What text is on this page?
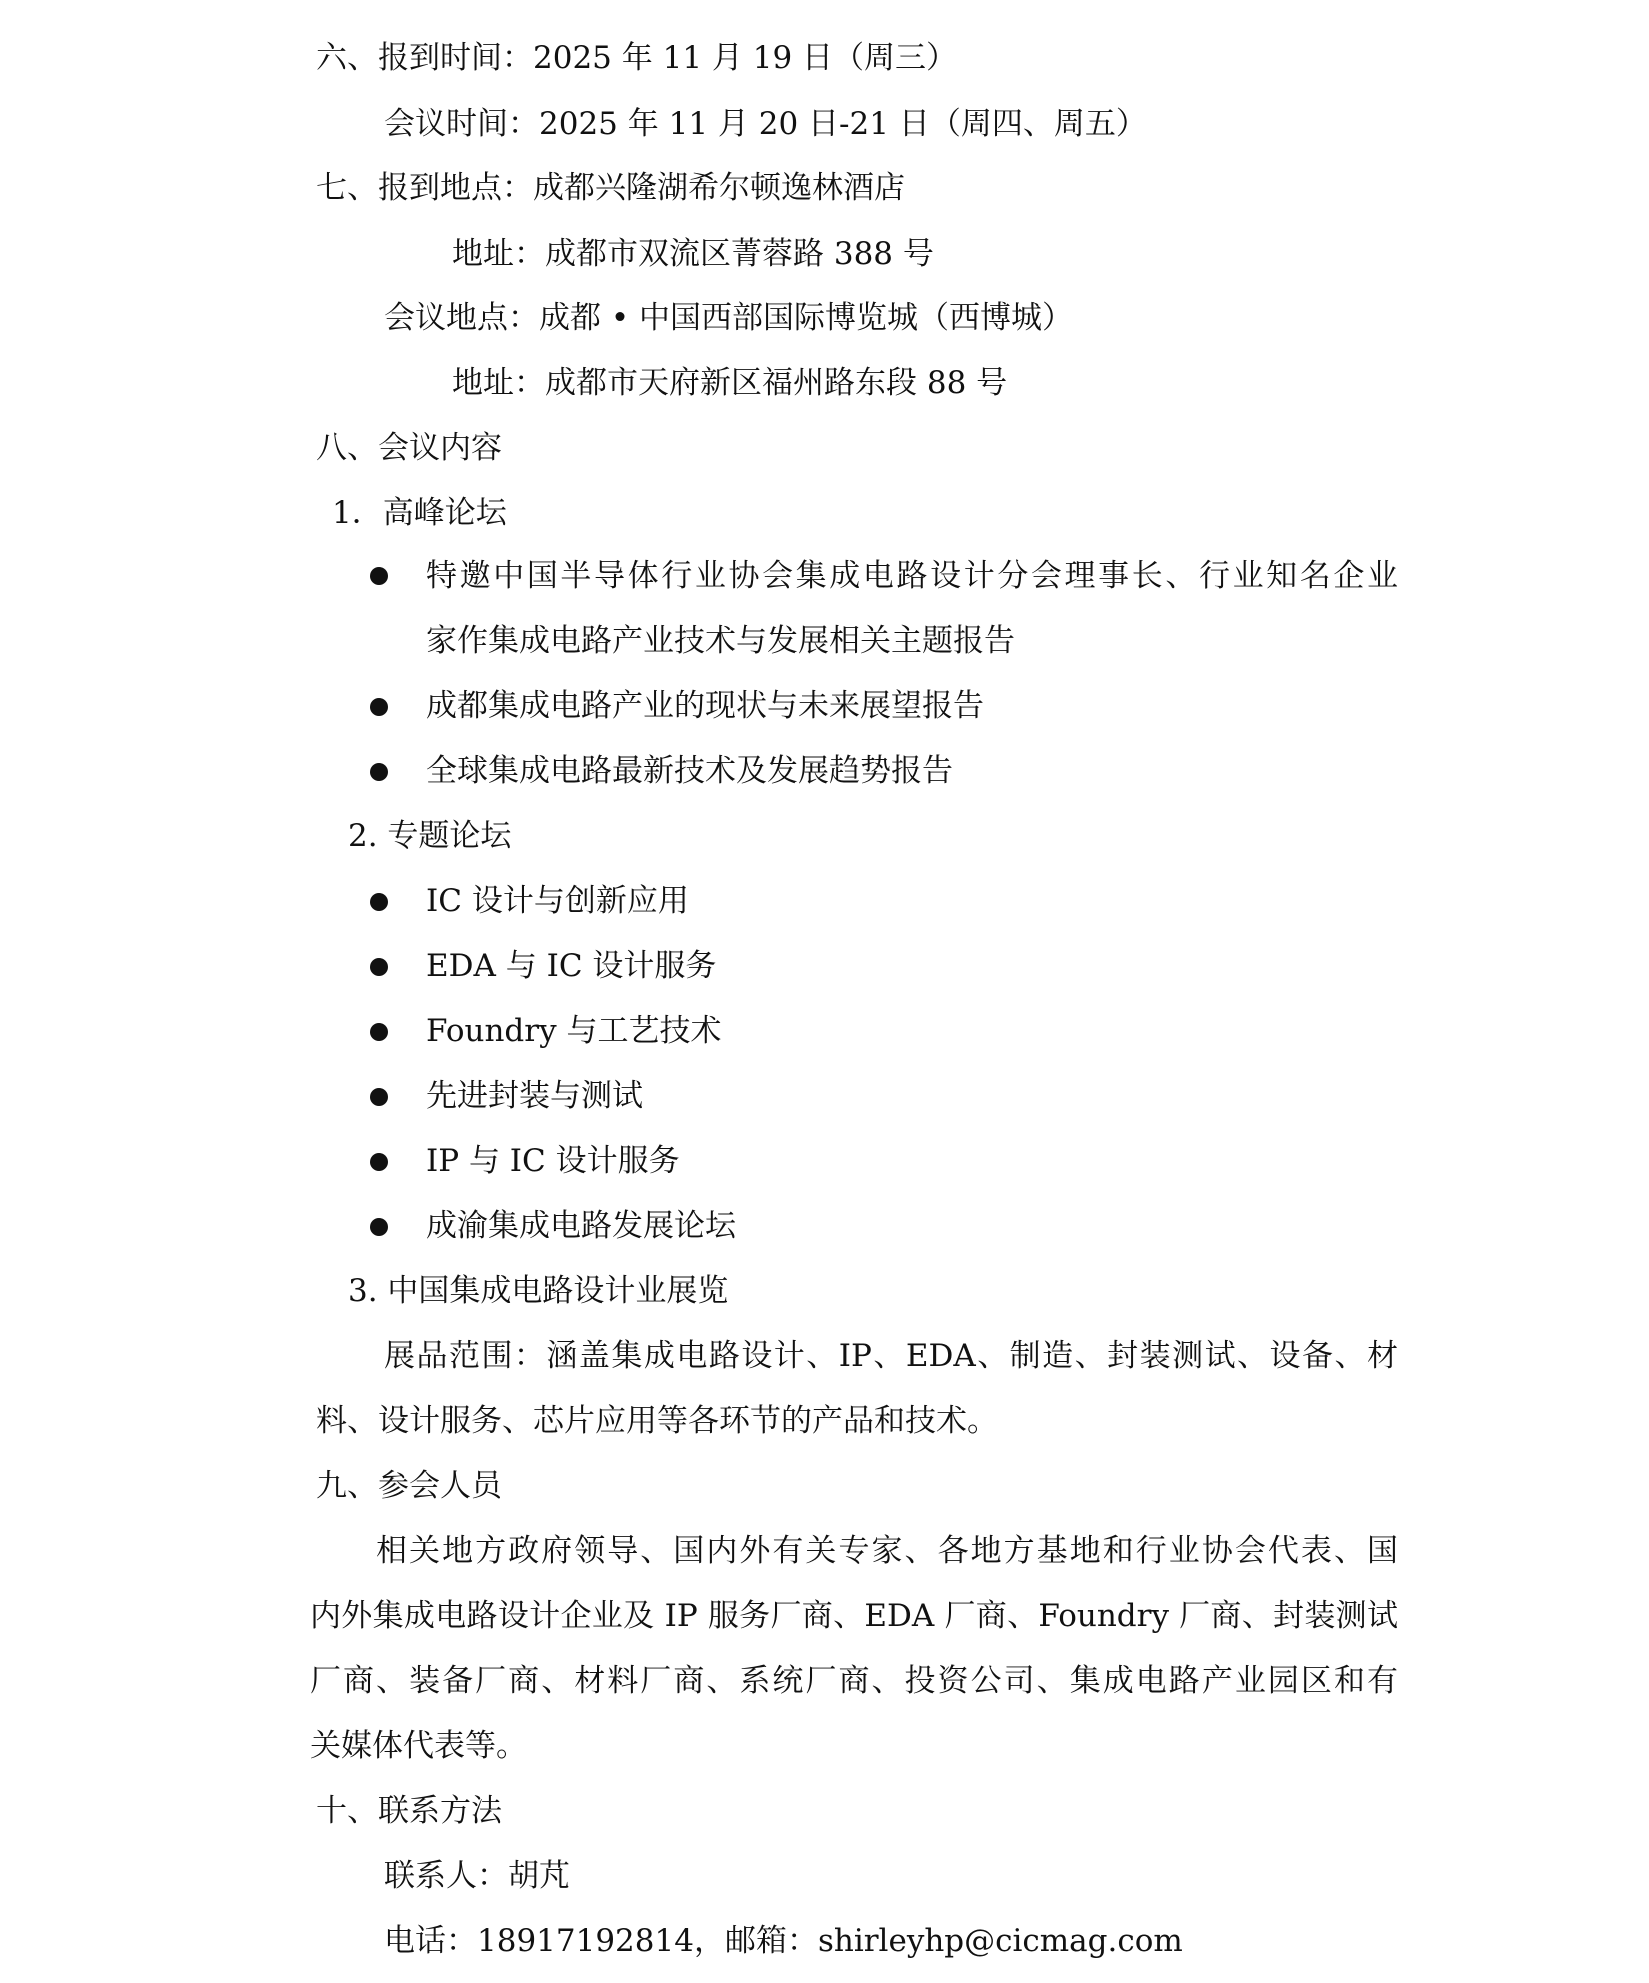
六、报到时间：2025 年 11 月 19 日（周三）
会议时间：2025 年 11 月 20 日-21 日（周四、周五）
七、报到地点：成都兴隆湖希尔顿逸林酒店
地址：成都市双流区菁蓉路 388 号
会议地点：成都 • 中国西部国际博览城（西博城）
地址：成都市天府新区福州路东段 88 号
八、会议内容
1．高峰论坛
特邀中国半导体行业协会集成电路设计分会理事长、行业知名企业
家作集成电路产业技术与发展相关主题报告
成都集成电路产业的现状与未来展望报告
全球集成电路最新技术及发展趋势报告
2. 专题论坛
IC 设计与创新应用
EDA 与 IC 设计服务
Foundry 与工艺技术
先进封装与测试
IP 与 IC 设计服务
成渝集成电路发展论坛
3. 中国集成电路设计业展览
展品范围：涵盖集成电路设计、IP、EDA、制造、封装测试、设备、材
料、设计服务、芯片应用等各环节的产品和技术。
九、参会人员
相关地方政府领导、国内外有关专家、各地方基地和行业协会代表、国
内外集成电路设计企业及 IP 服务厂商、EDA 厂商、Foundry 厂商、封装测试
厂商、装备厂商、材料厂商、系统厂商、投资公司、集成电路产业园区和有
关媒体代表等。
十、联系方法
联系人：胡芃
电话：18917192814，邮箱：shirleyhp@cicmag.com
